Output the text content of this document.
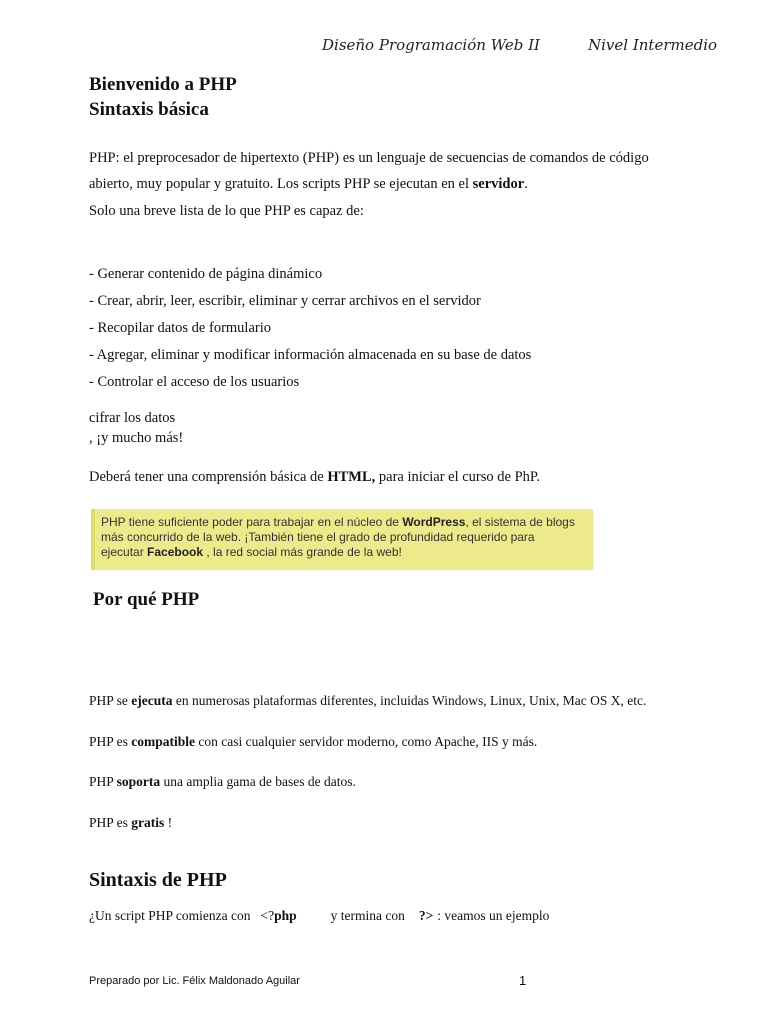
Diseño Programación Web II	Nivel Intermedio
Bienvenido a PHP
Sintaxis básica
PHP: el preprocesador de hipertexto (PHP) es un lenguaje de secuencias de comandos de código
abierto, muy popular y gratuito. Los scripts PHP se ejecutan en el servidor.
Solo una breve lista de lo que PHP es capaz de:
- Generar contenido de página dinámico
- Crear, abrir, leer, escribir, eliminar y cerrar archivos en el servidor
- Recopilar datos de formulario
- Agregar, eliminar y modificar información almacenada en su base de datos
- Controlar el acceso de los usuarios
cifrar los datos
, ¡y mucho más!
Deberá tener una comprensión básica de HTML, para iniciar el curso de PhP.
PHP tiene suficiente poder para trabajar en el núcleo de WordPress, el sistema de blogs
más concurrido de la web. ¡También tiene el grado de profundidad requerido para
ejecutar Facebook , la red social más grande de la web!
Por qué PHP
PHP se ejecuta en numerosas plataformas diferentes, incluidas Windows, Linux, Unix, Mac OS X, etc.
PHP es compatible con casi cualquier servidor moderno, como Apache, IIS y más.
PHP soporta una amplia gama de bases de datos.
PHP es gratis !
Sintaxis de PHP
¿Un script PHP comienza con <?php	y termina con ?> : veamos un ejemplo
Preparado por Lic. Félix Maldonado Aguilar	1
